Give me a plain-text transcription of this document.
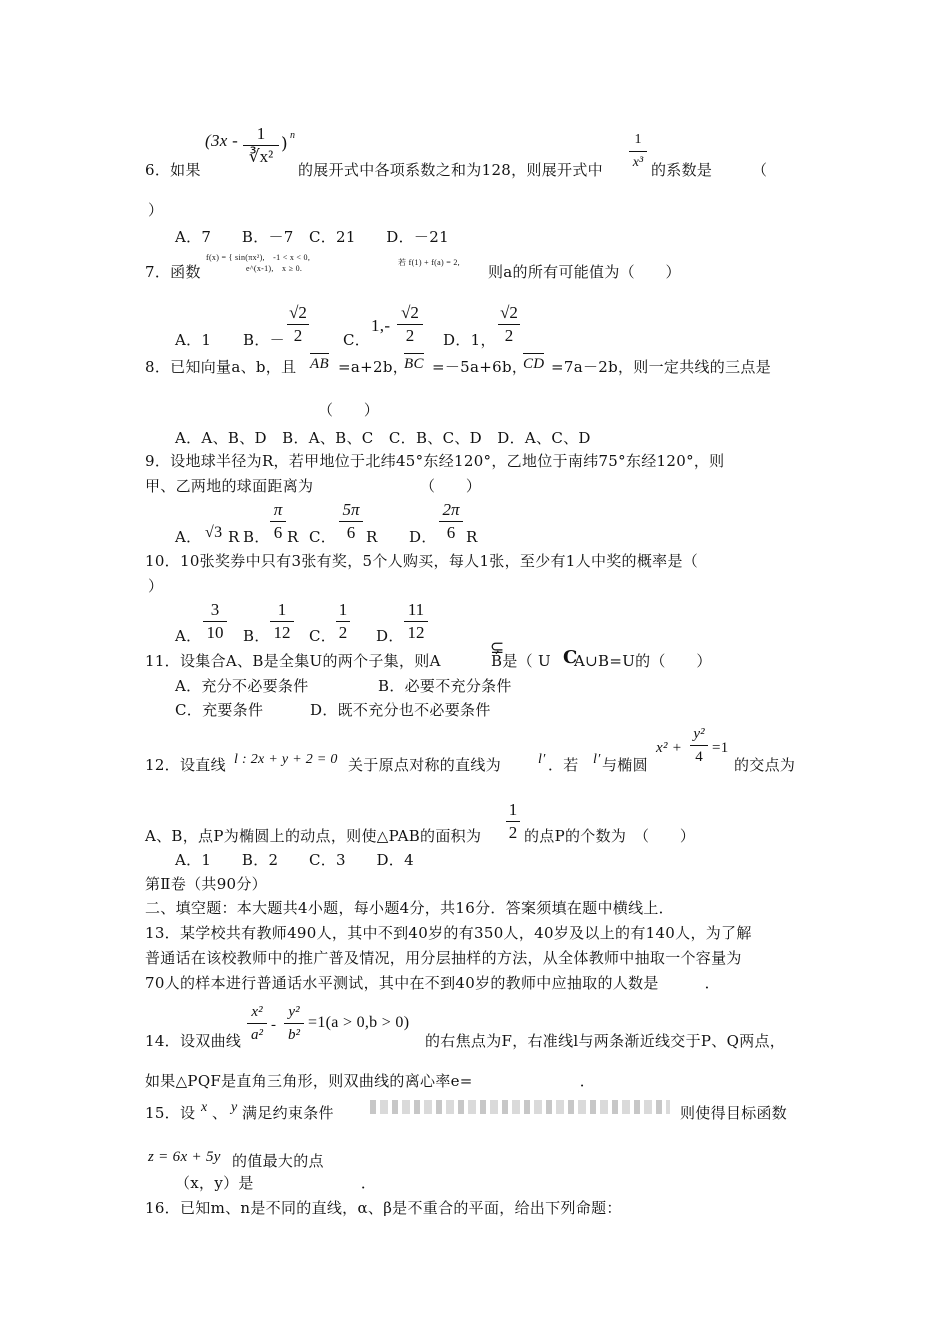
(3x -	1
∛x²
) n
6．如果	的展开式中各项系数之和为128，则展开式中
1
x³ 的系数是	（
）
A．7　　B．－7　C．21　　D．－21
7．函数
f(x) = { sin(πx²),　-1 < x < 0,
e^(x-1),　x ≥ 0.
若 f(1) + f(a) = 2,
则a的所有可能值为（　　）
A．1 B．－
√2
2	C．
1,-
√2
2	D．1，
√2
2
8．已知向量a、b，且 AB =a+2b，
BC =－5a+6b，
CD =7a－2b，则一定共线的三点是
（　　）
A．A、B、D　B．A、B、C　C．B、C、D　D．A、C、D
9．设地球半径为R，若甲地位于北纬45°东经120°，乙地位于南纬75°东经120°，则
甲、乙两地的球面距离为	（　　）
A． √3 R B．
π
6 R C．
5π
6 R D．
2π
6 R
10．10张奖券中只有3张有奖，5个人购买，每人1张，至少有1人中奖的概率是（
）
A．
3
10 B．
1
12 C．
1
2 D．
11
12
11．设集合A、B是全集U的两个子集，则A
⊊
B是（ U C
A∪B=U的（　　）
A．充分不必要条件	B．必要不充分条件
C．充要条件	D．既不充分也不必要条件
12．设直线 l : 2x + y + 2 = 0 关于原点对称的直线为	l′ ．若 l′ 与椭圆
x² +
y²
4
=1
的交点为
A、B，点P为椭圆上的动点，则使△PAB的面积为
1
2 的点P的个数为　（　　）
A．1　　B．2　　C．3　　D．4
第Ⅱ卷（共90分）
二、填空题：本大题共4小题，每小题4分，共16分．答案须填在题中横线上．
13．某学校共有教师490人，其中不到40岁的有350人，40岁及以上的有140人，为了解
普通话在该校教师中的推广普及情况，用分层抽样的方法，从全体教师中抽取一个容量为
70人的样本进行普通话水平测试，其中在不到40岁的教师中应抽取的人数是　　　．
14．设双曲线
x²
a²
-
y²
b²
=1(a > 0,b > 0)
的右焦点为F，右准线l与两条渐近线交于P、Q两点，
如果△PQF是直角三角形，则双曲线的离心率e=　　　　　　　．
15．设 x 、 y 满足约束条件	则使得目标函数
z = 6x + 5y 的值最大的点
（x，y）是　　　　　　　．
16．已知m、n是不同的直线，α、β是不重合的平面，给出下列命题：
